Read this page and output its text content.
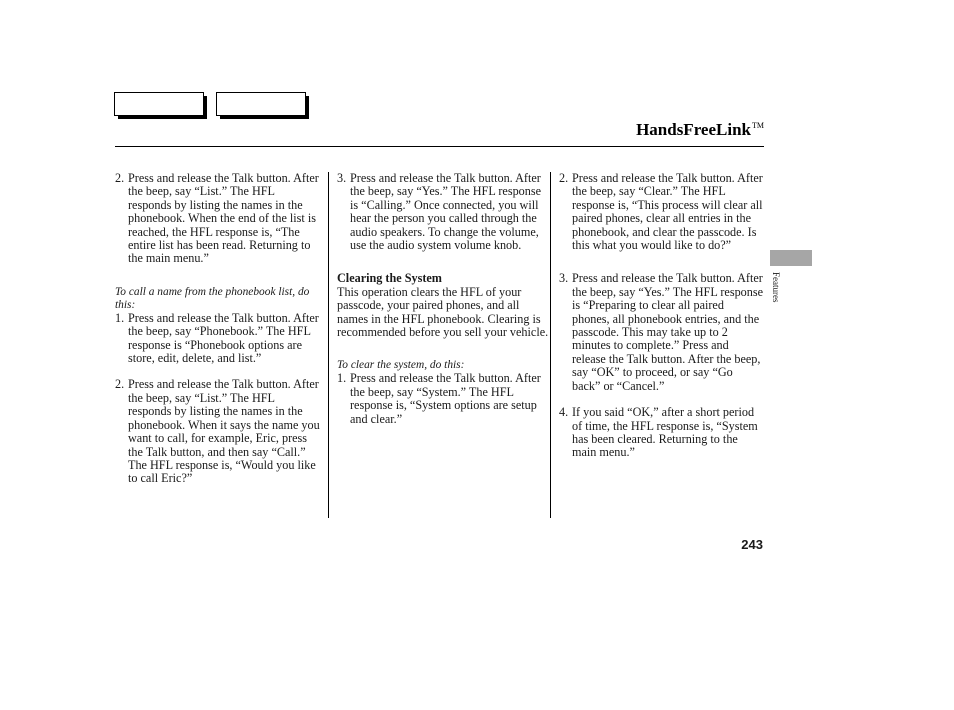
HandsFreeLink™

2. Press and release the Talk button. After the beep, say “List.” The HFL responds by listing the names in the phonebook. When the end of the list is reached, the HFL response is, “The entire list has been read. Returning to the main menu.”

To call a name from the phonebook list, do this:

1. Press and release the Talk button. After the beep, say “Phonebook.” The HFL response is “Phonebook options are store, edit, delete, and list.”

2. Press and release the Talk button. After the beep, say “List.” The HFL responds by listing the names in the phonebook. When it says the name you want to call, for example, Eric, press the Talk button, and then say “Call.” The HFL response is, “Would you like to call Eric?”

3. Press and release the Talk button. After the beep, say “Yes.” The HFL response is “Calling.” Once connected, you will hear the person you called through the audio speakers. To change the volume, use the audio system volume knob.

Clearing the System

This operation clears the HFL of your passcode, your paired phones, and all names in the HFL phonebook. Clearing is recommended before you sell your vehicle.

To clear the system, do this:

1. Press and release the Talk button. After the beep, say “System.” The HFL response is, “System options are setup and clear.”

2. Press and release the Talk button. After the beep, say “Clear.” The HFL response is, “This process will clear all paired phones, clear all entries in the phonebook, and clear the passcode. Is this what you would like to do?”

3. Press and release the Talk button. After the beep, say “Yes.” The HFL response is “Preparing to clear all paired phones, all phonebook entries, and the passcode. This may take up to 2 minutes to complete.” Press and release the Talk button. After the beep, say “OK” to proceed, or say “Go back” or “Cancel.”

4. If you said “OK,” after a short period of time, the HFL response is, “System has been cleared. Returning to the main menu.”

Features
243
